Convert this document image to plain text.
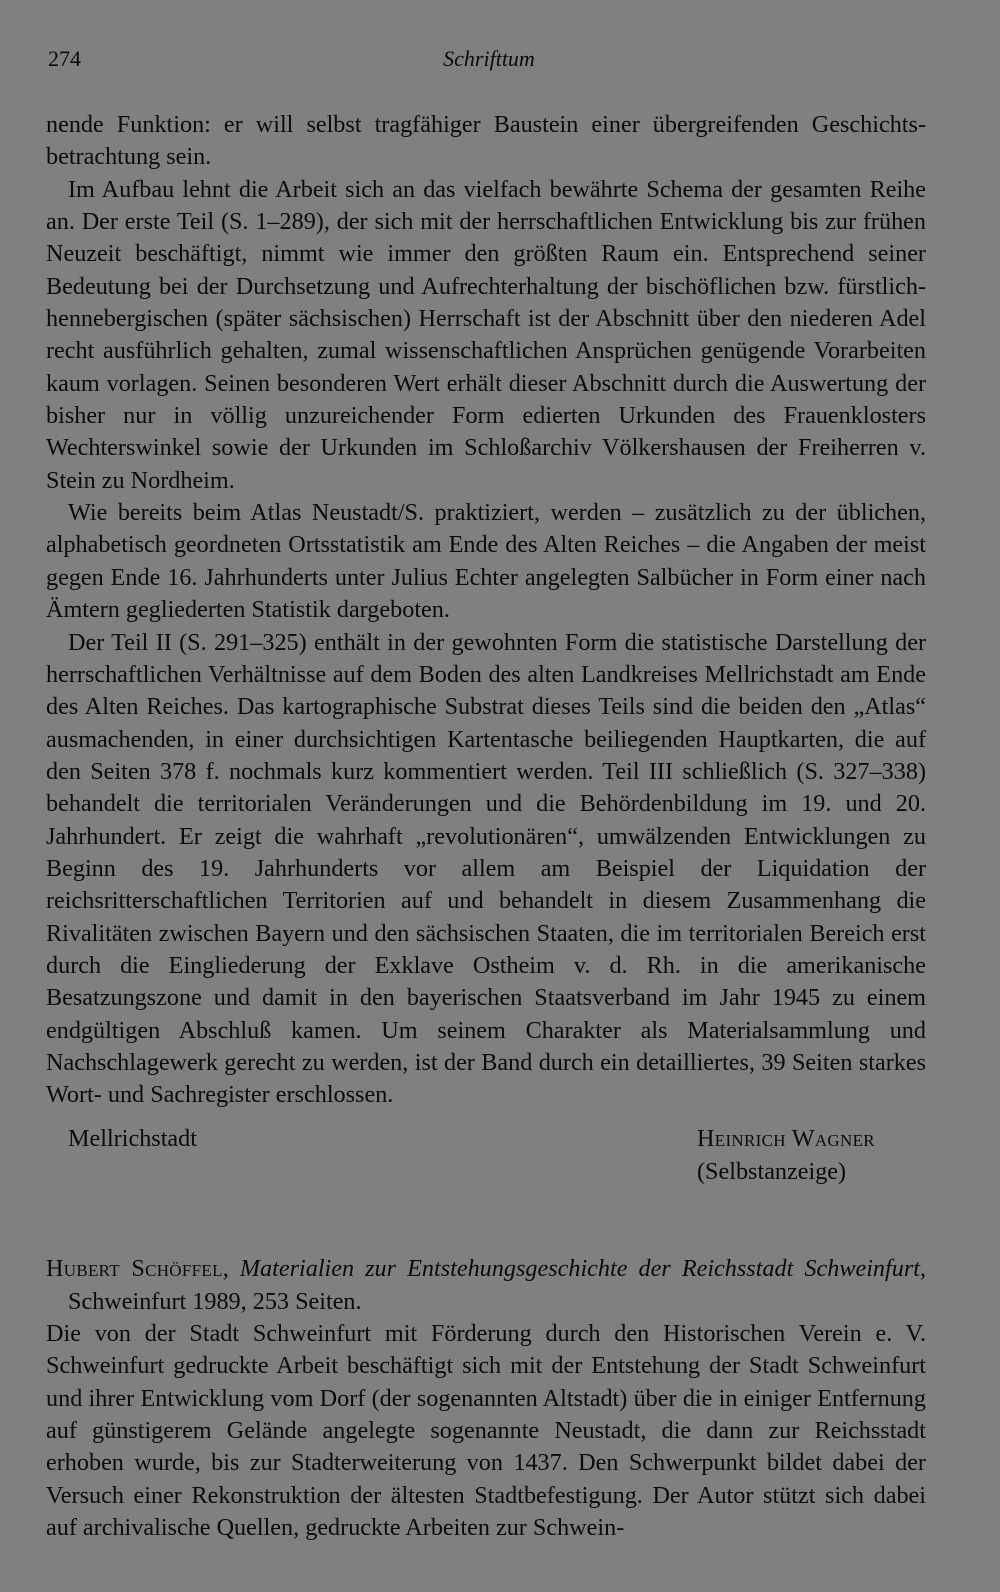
274	Schrifttum

nende Funktion: er will selbst tragfähiger Baustein einer übergreifenden Geschichtsbetrachtung sein.

Im Aufbau lehnt die Arbeit sich an das vielfach bewährte Schema der gesamten Reihe an. Der erste Teil (S. 1–289), der sich mit der herrschaftlichen Entwicklung bis zur frühen Neuzeit beschäftigt, nimmt wie immer den größten Raum ein. Entsprechend seiner Bedeutung bei der Durchsetzung und Aufrechterhaltung der bischöflichen bzw. fürstlich-hennebergischen (später sächsischen) Herrschaft ist der Abschnitt über den niederen Adel recht ausführlich gehalten, zumal wissenschaftlichen Ansprüchen genügende Vorarbeiten kaum vorlagen. Seinen besonderen Wert erhält dieser Abschnitt durch die Auswertung der bisher nur in völlig unzureichender Form edierten Urkunden des Frauenklosters Wechterswinkel sowie der Urkunden im Schloßarchiv Völkershausen der Freiherren v. Stein zu Nordheim.

Wie bereits beim Atlas Neustadt/S. praktiziert, werden – zusätzlich zu der üblichen, alphabetisch geordneten Ortsstatistik am Ende des Alten Reiches – die Angaben der meist gegen Ende 16. Jahrhunderts unter Julius Echter angelegten Salbücher in Form einer nach Ämtern gegliederten Statistik dargeboten.

Der Teil II (S. 291–325) enthält in der gewohnten Form die statistische Darstellung der herrschaftlichen Verhältnisse auf dem Boden des alten Landkreises Mellrichstadt am Ende des Alten Reiches. Das kartographische Substrat dieses Teils sind die beiden den „Atlas“ ausmachenden, in einer durchsichtigen Kartentasche beiliegenden Hauptkarten, die auf den Seiten 378 f. nochmals kurz kommentiert werden. Teil III schließlich (S. 327–338) behandelt die territorialen Veränderungen und die Behördenbildung im 19. und 20. Jahrhundert. Er zeigt die wahrhaft „revolutionären“, umwälzenden Entwicklungen zu Beginn des 19. Jahrhunderts vor allem am Beispiel der Liquidation der reichsritterschaftlichen Territorien auf und behandelt in diesem Zusammenhang die Rivalitäten zwischen Bayern und den sächsischen Staaten, die im territorialen Bereich erst durch die Eingliederung der Exklave Ostheim v. d. Rh. in die amerikanische Besatzungszone und damit in den bayerischen Staatsverband im Jahr 1945 zu einem endgültigen Abschluß kamen. Um seinem Charakter als Materialsammlung und Nachschlagewerk gerecht zu werden, ist der Band durch ein detailliertes, 39 Seiten starkes Wort- und Sachregister erschlossen.

Mellrichstadt	Heinrich Wagner
(Selbstanzeige)
Hubert Schöffel, Materialien zur Entstehungsgeschichte der Reichsstadt Schweinfurt, Schweinfurt 1989, 253 Seiten.

Die von der Stadt Schweinfurt mit Förderung durch den Historischen Verein e. V. Schweinfurt gedruckte Arbeit beschäftigt sich mit der Entstehung der Stadt Schweinfurt und ihrer Entwicklung vom Dorf (der sogenannten Altstadt) über die in einiger Entfernung auf günstigerem Gelände angelegte sogenannte Neustadt, die dann zur Reichsstadt erhoben wurde, bis zur Stadterweiterung von 1437. Den Schwerpunkt bildet dabei der Versuch einer Rekonstruktion der ältesten Stadtbefestigung. Der Autor stützt sich dabei auf archivalische Quellen, gedruckte Arbeiten zur Schwein-
